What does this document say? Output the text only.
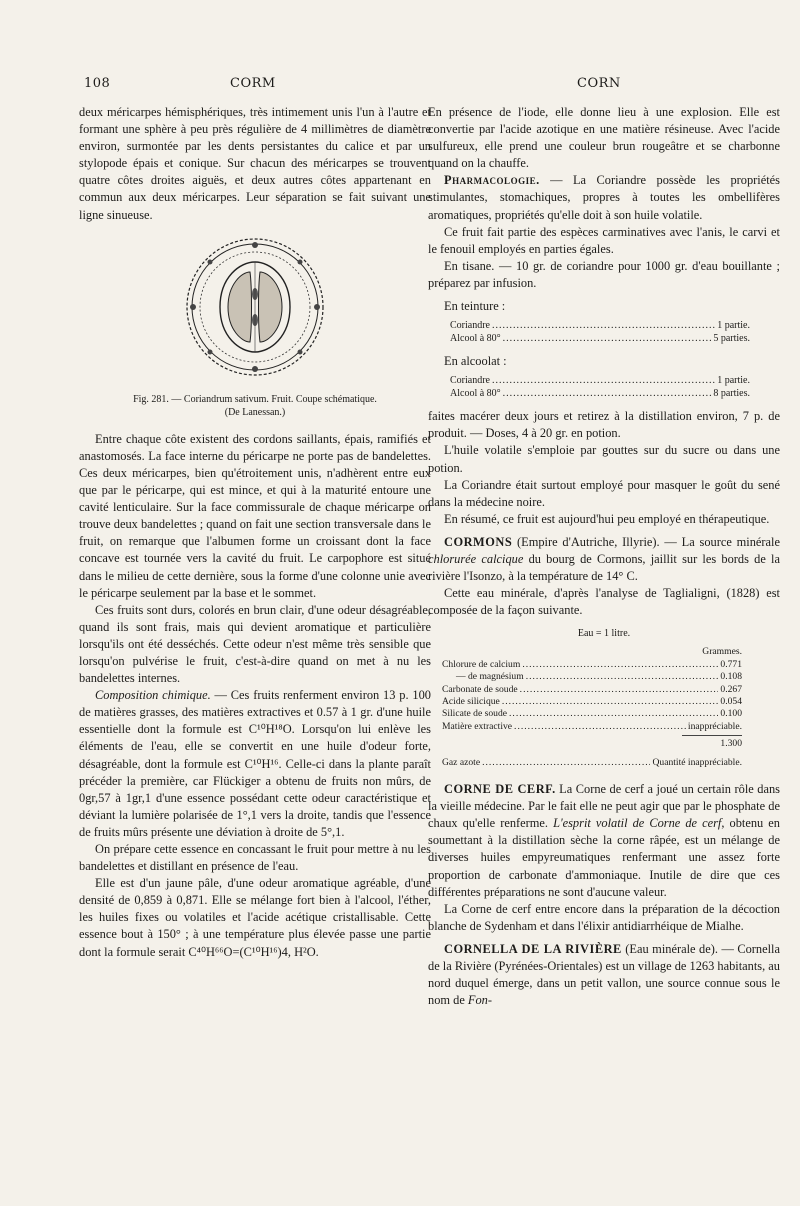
108	CORM	CORN

deux méricarpes hémisphériques, très intimement unis l'un à l'autre et formant une sphère à peu près régulière de 4 millimètres de diamètre environ, surmontée par les dents persistantes du calice et par un stylopode épais et conique. Sur chacun des méricarpes se trouvent quatre côtes droites aiguës, et deux autres côtes appartenant en commun aux deux méricarpes. Leur séparation se fait suivant une ligne sinueuse.

Fig. 281. — Coriandrum sativum. Fruit. Coupe schématique.
(De Lanessan.)

Entre chaque côte existent des cordons saillants, épais, ramifiés et anastomosés. La face interne du péricarpe ne porte pas de bandelettes. Ces deux méricarpes, bien qu'étroitement unis, n'adhèrent entre eux que par le péricarpe, qui est mince, et qui à la maturité entoure une cavité lenticulaire. Sur la face commissurale de chaque méricarpe on trouve deux bandelettes ; quand on fait une section transversale dans le fruit, on remarque que l'albumen forme un croissant dont la face concave est tournée vers la cavité du fruit. Le carpophore est situé dans le milieu de cette dernière, sous la forme d'une colonne unie avec le péricarpe seulement par la base et le sommet.

Ces fruits sont durs, colorés en brun clair, d'une odeur désagréable, quand ils sont frais, mais qui devient aromatique et particulière lorsqu'ils ont été desséchés. Cette odeur n'est même très sensible que lorsqu'on pulvérise le fruit, c'est-à-dire quand on met à nu les bandelettes internes.

Composition chimique. — Ces fruits renferment environ 13 p. 100 de matières grasses, des matières extractives et 0.57 à 1 gr. d'une huile essentielle dont la formule est C¹⁰H¹⁸O. Lorsqu'on lui enlève les éléments de l'eau, elle se convertit en une huile d'odeur forte, désagréable, dont la formule est C¹⁰H¹⁶. Celle-ci dans la plante paraît précéder la première, car Flückiger a obtenu de fruits non mûrs, de 0gr,57 à 1gr,1 d'une essence possédant cette odeur caractéristique et déviant la lumière polarisée de 1°,1 vers la droite, tandis que l'essence de fruits mûrs présente une déviation à droite de 5°,1.

On prépare cette essence en concassant le fruit pour mettre à nu les bandelettes et distillant en présence de l'eau.

Elle est d'un jaune pâle, d'une odeur aromatique agréable, d'une densité de 0,859 à 0,871. Elle se mélange fort bien à l'alcool, l'éther, les huiles fixes ou volatiles et l'acide acétique cristallisable. Cette essence bout à 150° ; à une température plus élevée passe une partie dont la formule serait C⁴⁰H⁶⁶O=(C¹⁰H¹⁶)4, H²O.

En présence de l'iode, elle donne lieu à une explosion. Elle est convertie par l'acide azotique en une matière résineuse. Avec l'acide sulfureux, elle prend une couleur brun rougeâtre et se charbonne quand on la chauffe.

Pharmacologie. — La Coriandre possède les propriétés stimulantes, stomachiques, propres à toutes les ombellifères aromatiques, propriétés qu'elle doit à son huile volatile.

Ce fruit fait partie des espèces carminatives avec l'anis, le carvi et le fenouil employés en parties égales.

En tisane. — 10 gr. de coriandre pour 1000 gr. d'eau bouillante ; préparez par infusion.

En teinture :

Coriandre .....	1 partie.
Alcool à 80° .....	5 parties.

En alcoolat :

Coriandre .....	1 partie.
Alcool à 80° .....	8 parties.

faites macérer deux jours et retirez à la distillation environ, 7 p. de produit. — Doses, 4 à 20 gr. en potion.

L'huile volatile s'emploie par gouttes sur du sucre ou dans une potion.

La Coriandre était surtout employé pour masquer le goût du sené dans la médecine noire.

En résumé, ce fruit est aujourd'hui peu employé en thérapeutique.

CORMONS (Empire d'Autriche, Illyrie). — La source minérale chlorurée calcique du bourg de Cormons, jaillit sur les bords de la rivière l'Isonzo, à la température de 14° C.

Cette eau minérale, d'après l'analyse de Taglialigni, (1828) est composée de la façon suivante.

Eau = 1 litre.
Grammes.
Chlorure de calcium .....	0.771
— de magnésium .....	0.108
Carbonate de soude .....	0.267
Acide silicique .....	0.054
Silicate de soude .....	0.100
Matière extractive .....	inappréciable.
1.300
Gaz azote .....	Quantité inappréciable.

CORNE DE CERF. La Corne de cerf a joué un certain rôle dans la vieille médecine. Par le fait elle ne peut agir que par le phosphate de chaux qu'elle renferme. L'esprit volatil de Corne de cerf, obtenu en soumettant à la distillation sèche la corne râpée, est un mélange de diverses huiles empyreumatiques renfermant une assez forte proportion de carbonate d'ammoniaque. Inutile de dire que ces différentes préparations ne sont d'aucune valeur.

La Corne de cerf entre encore dans la préparation de la décoction blanche de Sydenham et dans l'élixir antidiarrhéique de Mialhe.

CORNELLA DE LA RIVIÈRE (Eau minérale de). — Cornella de la Rivière (Pyrénées-Orientales) est un village de 1263 habitants, au nord duquel émerge, dans un petit vallon, une source connue sous le nom de Fon-
